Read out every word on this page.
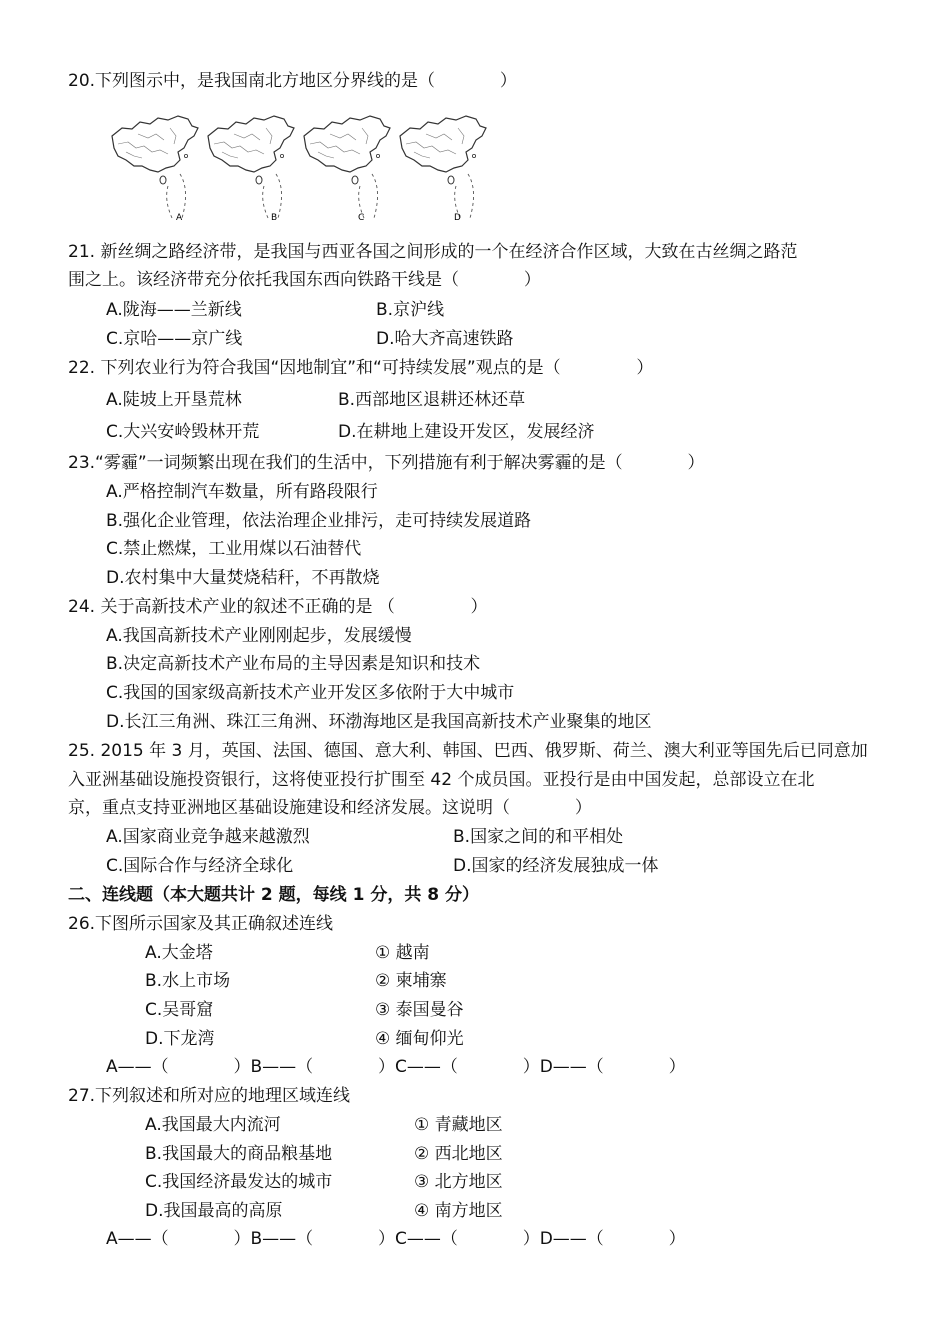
20.下列图示中，是我国南北方地区分界线的是（            ）
A	B	C	D
21. 新丝绸之路经济带，是我国与西亚各国之间形成的一个在经济合作区域，大致在古丝绸之路范
围之上。该经济带充分依托我国东西向铁路干线是（            ）
A.陇海——兰新线	B.京沪线
C.京哈——京广线	D.哈大齐高速铁路
22. 下列农业行为符合我国“因地制宜”和“可持续发展”观点的是（              ）
A.陡坡上开垦荒林	B.西部地区退耕还林还草
C.大兴安岭毁林开荒	D.在耕地上建设开发区，发展经济
23.“雾霾”一词频繁出现在我们的生活中，下列措施有利于解决雾霾的是（            ）
A.严格控制汽车数量，所有路段限行
B.强化企业管理，依法治理企业排污，走可持续发展道路
C.禁止燃煤，工业用煤以石油替代
D.农村集中大量焚烧秸秆，不再散烧
24. 关于高新技术产业的叙述不正确的是 （              ）
A.我国高新技术产业刚刚起步，发展缓慢
B.决定高新技术产业布局的主导因素是知识和技术
C.我国的国家级高新技术产业开发区多依附于大中城市
D.长江三角洲、珠江三角洲、环渤海地区是我国高新技术产业聚集的地区
25. 2015 年 3 月，英国、法国、德国、意大利、韩国、巴西、俄罗斯、荷兰、澳大利亚等国先后已同意加
入亚洲基础设施投资银行，这将使亚投行扩围至 42 个成员国。亚投行是由中国发起，总部设立在北
京，重点支持亚洲地区基础设施建设和经济发展。这说明（            ）
A.国家商业竞争越来越激烈	B.国家之间的和平相处
C.国际合作与经济全球化	D.国家的经济发展独成一体
二、连线题（本大题共计 2 题，每线 1 分，共 8 分）
26.下图所示国家及其正确叙述连线
A.大金塔	① 越南
B.水上市场	② 柬埔寨
C.吴哥窟	③ 泰国曼谷
D.下龙湾	④ 缅甸仰光
A——（            ）B——（            ）C——（            ）D——（            ）
27.下列叙述和所对应的地理区域连线
A.我国最大内流河	① 青藏地区
B.我国最大的商品粮基地	② 西北地区
C.我国经济最发达的城市	③ 北方地区
D.我国最高的高原	④ 南方地区
A——（            ）B——（            ）C——（            ）D——（            ）
